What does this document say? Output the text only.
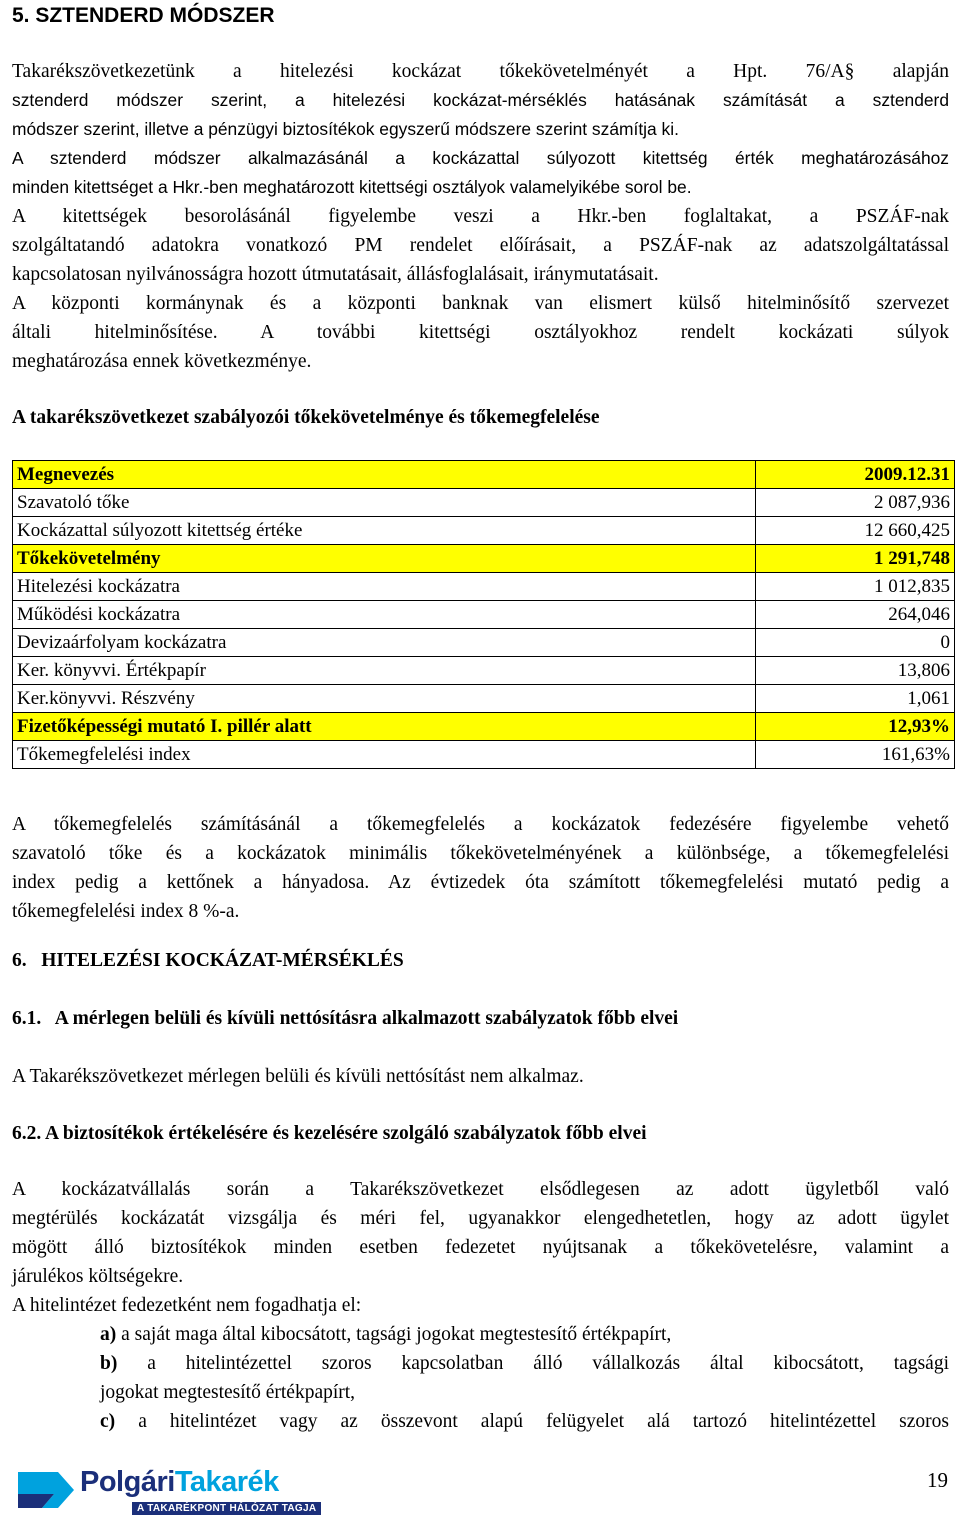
5. SZTENDERD MÓDSZER
Takarékszövetkezetünk a hitelezési kockázat tőkekövetelményét a Hpt. 76/A§ alapján
sztenderd módszer szerint, a hitelezési kockázat-mérséklés hatásának számítását a sztenderd
módszer szerint, illetve a pénzügyi biztosítékok egyszerű módszere szerint számítja ki.
A sztenderd módszer alkalmazásánál a kockázattal súlyozott kitettség érték meghatározásához
minden kitettséget a Hkr.-ben meghatározott kitettségi osztályok valamelyikébe sorol be.
A kitettségek besorolásánál figyelembe veszi a Hkr.-ben foglaltakat, a PSZÁF-nak
szolgáltatandó adatokra vonatkozó PM rendelet előírásait, a PSZÁF-nak az adatszolgáltatással
kapcsolatosan nyilvánosságra hozott útmutatásait, állásfoglalásait, iránymutatásait.
A központi kormánynak és a központi banknak van elismert külső hitelminősítő szervezet
általi hitelminősítése. A további kitettségi osztályokhoz rendelt kockázati súlyok
meghatározása ennek következménye.
A takarékszövetkezet szabályozói tőkekövetelménye és tőkemegfelelése
Megnevezés	2009.12.31
Szavatoló tőke	2 087,936
Kockázattal súlyozott kitettség értéke	12 660,425
Tőkekövetelmény	1 291,748
Hitelezési kockázatra	1 012,835
Működési kockázatra	264,046
Devizaárfolyam kockázatra	0
Ker. könyvvi. Értékpapír	13,806
Ker.könyvvi. Részvény	1,061
Fizetőképességi mutató I. pillér alatt	12,93%
Tőkemegfelelési index	161,63%
A tőkemegfelelés számításánál a tőkemegfelelés a kockázatok fedezésére figyelembe vehető
szavatoló tőke és a kockázatok minimális tőkekövetelményének a különbsége, a tőkemegfelelési
index pedig a kettőnek a hányadosa. Az évtizedek óta számított tőkemegfelelési mutató pedig a
tőkemegfelelési index 8 %-a.
6.   HITELEZÉSI KOCKÁZAT-MÉRSÉKLÉS
6.1.   A mérlegen belüli és kívüli nettósításra alkalmazott szabályzatok főbb elvei
A Takarékszövetkezet mérlegen belüli és kívüli nettósítást nem alkalmaz.
6.2. A biztosítékok értékelésére és kezelésére szolgáló szabályzatok főbb elvei
A kockázatvállalás során a Takarékszövetkezet elsődlegesen az adott ügyletből való
megtérülés kockázatát vizsgálja és méri fel, ugyanakkor elengedhetetlen, hogy az adott ügylet
mögött álló biztosítékok minden esetben fedezetet nyújtsanak a tőkekövetelésre, valamint a
járulékos költségekre.
A hitelintézet fedezetként nem fogadhatja el:
a) a saját maga által kibocsátott, tagsági jogokat megtestesítő értékpapírt,
b) a hitelintézettel szoros kapcsolatban álló vállalkozás által kibocsátott, tagsági
jogokat megtestesítő értékpapírt,
c) a hitelintézet vagy az összevont alapú felügyelet alá tartozó hitelintézettel szoros
PolgáriTakarék
A TAKARÉKPONT HÁLÓZAT TAGJA
19
